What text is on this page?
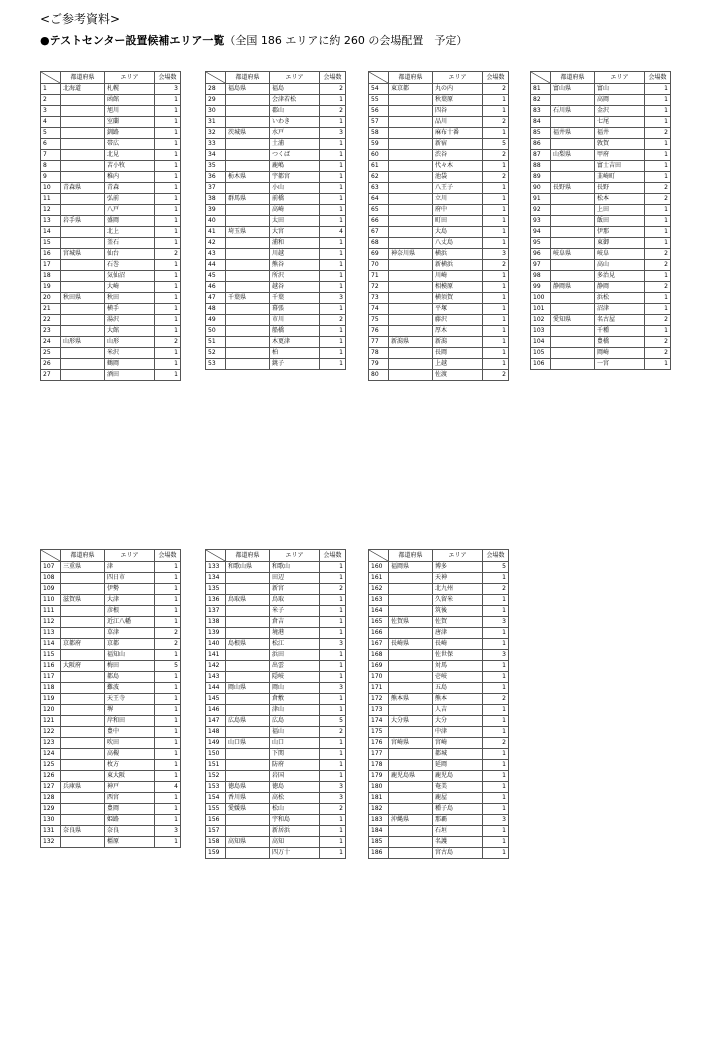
<ご参考資料>
●テストセンター設置候補エリア一覧（全国 186 エリアに約 260 の会場配置　予定）
	都道府県	エリア	会場数
1	北海道	札幌	3
2		函館	1
3		旭川	1
4		室蘭	1
5		釧路	1
6		帯広	1
7		北見	1
8		苫小牧	1
9		稚内	1
10	青森県	青森	1
11		弘前	1
12		八戸	1
13	岩手県	盛岡	1
14		北上	1
15		釜石	1
16	宮城県	仙台	2
17		石巻	1
18		気仙沼	1
19		大崎	1
20	秋田県	秋田	1
21		横手	1
22		湯沢	1
23		大館	1
24	山形県	山形	2
25		米沢	1
26		鶴岡	1
27		酒田	1
	都道府県	エリア	会場数
28	福島県	福島	2
29		会津若松	1
30		郡山	2
31		いわき	1
32	茨城県	水戸	3
33		土浦	1
34		つくば	1
35		鹿嶋	1
36	栃木県	宇都宮	1
37		小山	1
38	群馬県	前橋	1
39		高崎	1
40		太田	1
41	埼玉県	大宮	4
42		浦和	1
43		川越	1
44		熊谷	1
45		所沢	1
46		越谷	1
47	千葉県	千葉	3
48		幕張	1
49		市川	2
50		船橋	1
51		木更津	1
52		柏	1
53		銚子	1
	都道府県	エリア	会場数
54	東京都	丸の内	2
55		秋葉原	1
56		四谷	1
57		品川	2
58		麻布十番	1
59		新宿	5
60		渋谷	2
61		代々木	1
62		池袋	2
63		八王子	1
64		立川	1
65		府中	1
66		町田	1
67		大島	1
68		八丈島	1
69	神奈川県	横浜	3
70		新横浜	2
71		川崎	1
72		相模原	1
73		横須賀	1
74		平塚	1
75		藤沢	1
76		厚木	1
77	新潟県	新潟	1
78		長岡	1
79		上越	1
80		佐渡	2
	都道府県	エリア	会場数
81	富山県	富山	1
82		高岡	1
83	石川県	金沢	1
84		七尾	1
85	福井県	福井	2
86		敦賀	1
87	山梨県	甲府	1
88		富士吉田	1
89		韮崎町	1
90	長野県	長野	2
91		松本	2
92		上田	1
93		飯田	1
94		伊那	1
95		東御	1
96	岐阜県	岐阜	2
97		高山	2
98		多治見	1
99	静岡県	静岡	2
100		浜松	1
101		沼津	1
102	愛知県	名古屋	2
103		千種	1
104		豊橋	2
105		岡崎	2
106		一宮	1
	都道府県	エリア	会場数
107	三重県	津	1
108		四日市	1
109		伊勢	1
110	滋賀県	大津	1
111		彦根	1
112		近江八幡	1
113		草津	2
114	京都府	京都	2
115		福知山	1
116	大阪府	梅田	5
117		都島	1
118		難波	1
119		天王寺	1
120		堺	1
121		岸和田	1
122		豊中	1
123		吹田	1
124		高槻	1
125		枚方	1
126		東大阪	1
127	兵庫県	神戸	4
128		西宮	1
129		豊岡	1
130		姫路	1
131	奈良県	奈良	3
132		橿原	1
	都道府県	エリア	会場数
133	和歌山県	和歌山	1
134		田辺	1
135		新宮	2
136	鳥取県	鳥取	1
137		米子	1
138		倉吉	1
139		境港	1
140	島根県	松江	3
141		浜田	1
142		出雲	1
143		隠岐	1
144	岡山県	岡山	3
145		倉敷	1
146		津山	1
147	広島県	広島	5
148		福山	2
149	山口県	山口	1
150		下関	1
151		防府	1
152		岩国	1
153	徳島県	徳島	3
154	香川県	高松	3
155	愛媛県	松山	2
156		宇和島	1
157		新居浜	1
158	高知県	高知	1
159		四万十	1
	都道府県	エリア	会場数
160	福岡県	博多	5
161		天神	1
162		北九州	2
163		久留米	1
164		筑後	1
165	佐賀県	佐賀	3
166		唐津	1
167	長崎県	長崎	1
168		佐世保	3
169		対馬	1
170		壱岐	1
171		五島	1
172	熊本県	熊本	2
173		人吉	1
174	大分県	大分	1
175		中津	1
176	宮崎県	宮崎	2
177		都城	1
178		延岡	1
179	鹿児島県	鹿児島	1
180		奄美	1
181		鹿屋	1
182		種子島	1
183	沖縄県	那覇	3
184		石垣	1
185		名護	1
186		宮古島	1
